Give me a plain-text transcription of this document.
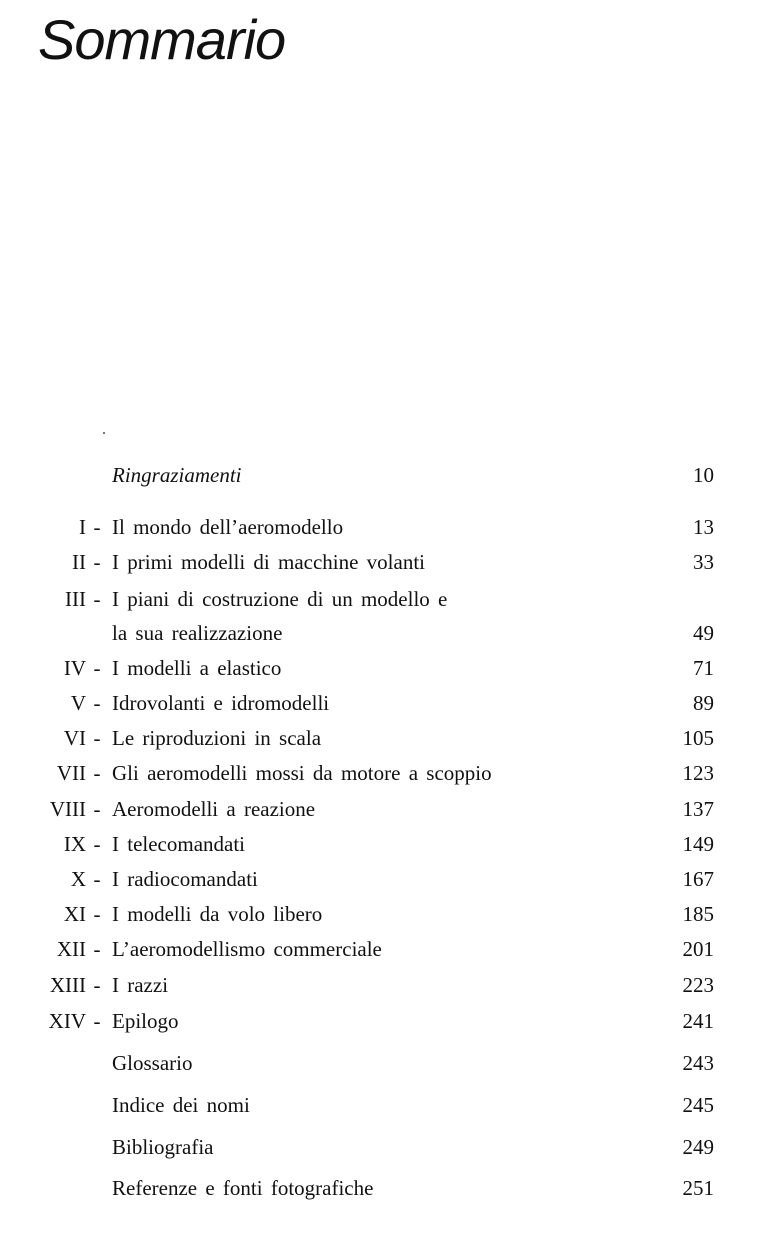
Sommario
Ringraziamenti	10
I - Il mondo dell’aeromodello	13
II - I primi modelli di macchine volanti	33
III - I piani di costruzione di un modello e
la sua realizzazione	49
IV - I modelli a elastico	71
V - Idrovolanti e idromodelli	89
VI - Le riproduzioni in scala	105
VII - Gli aeromodelli mossi da motore a scoppio	123
VIII - Aeromodelli a reazione	137
IX - I telecomandati	149
X - I radiocomandati	167
XI - I modelli da volo libero	185
XII - L’aeromodellismo commerciale	201
XIII - I razzi	223
XIV - Epilogo	241
Glossario	243
Indice dei nomi	245
Bibliografia	249
Referenze e fonti fotografiche	251
